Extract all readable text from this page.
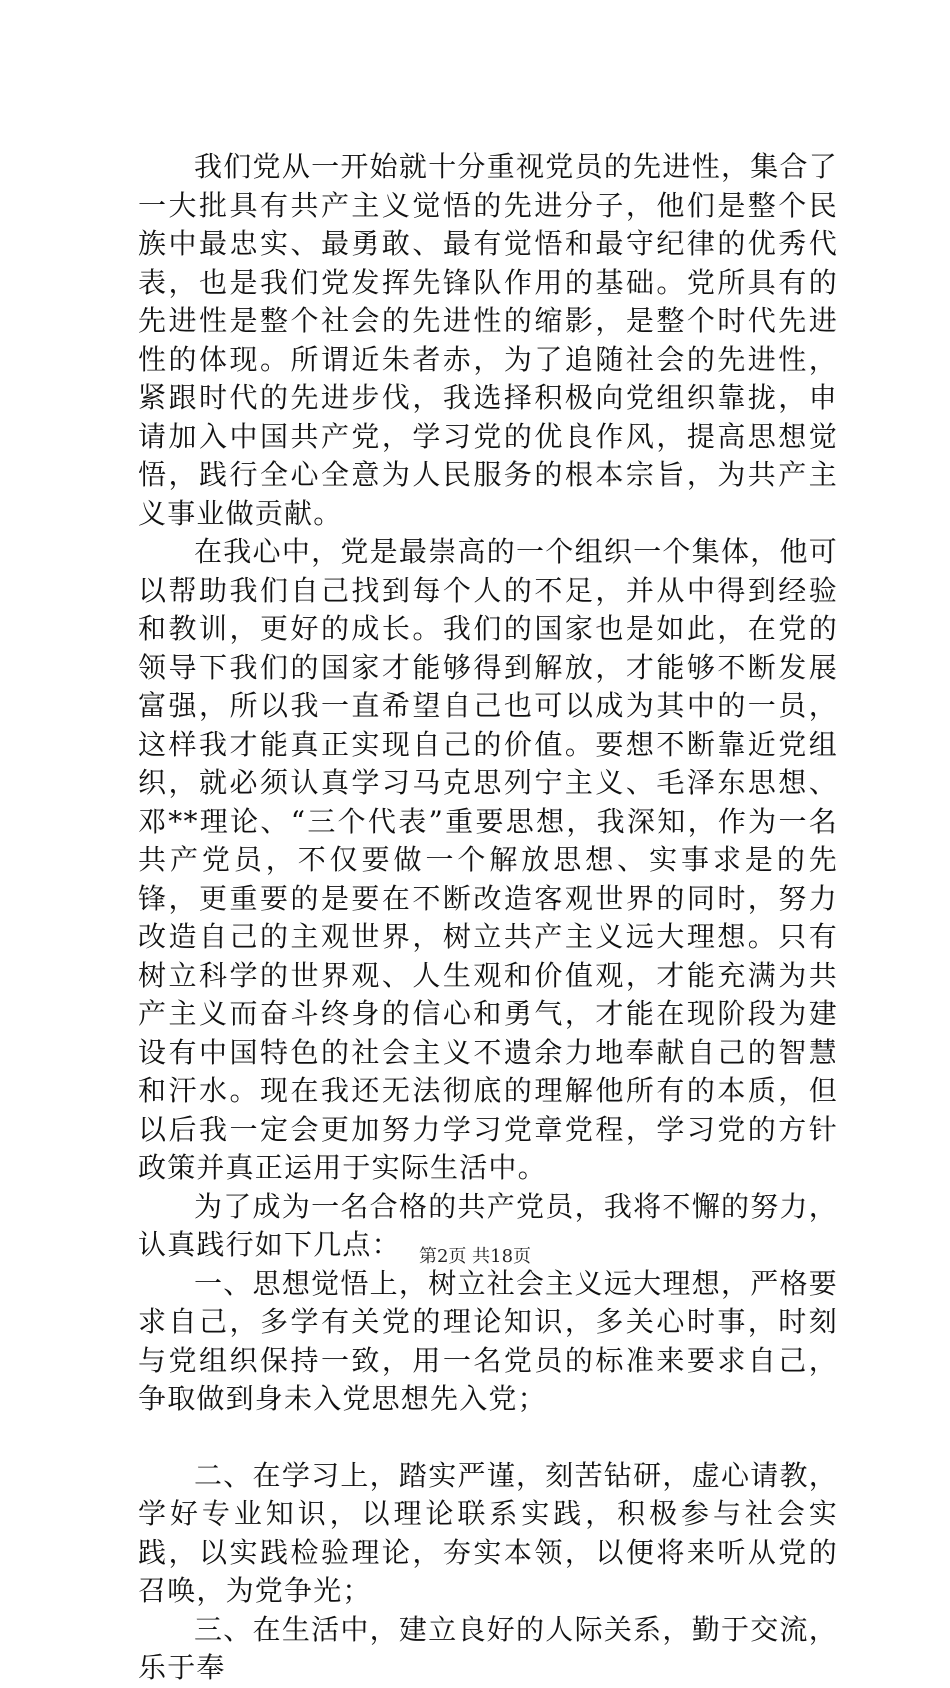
我们党从一开始就十分重视党员的先进性，集合了一大批具有共产主义觉悟的先进分子，他们是整个民族中最忠实、最勇敢、最有觉悟和最守纪律的优秀代表，也是我们党发挥先锋队作用的基础。党所具有的先进性是整个社会的先进性的缩影，是整个时代先进性的体现。所谓近朱者赤，为了追随社会的先进性，紧跟时代的先进步伐，我选择积极向党组织靠拢，申请加入中国共产党，学习党的优良作风，提高思想觉悟，践行全心全意为人民服务的根本宗旨，为共产主义事业做贡献。

在我心中，党是最崇高的一个组织一个集体，他可以帮助我们自己找到每个人的不足，并从中得到经验和教训，更好的成长。我们的国家也是如此，在党的领导下我们的国家才能够得到解放，才能够不断发展富强，所以我一直希望自己也可以成为其中的一员，这样我才能真正实现自己的价值。要想不断靠近党组织，就必须认真学习马克思列宁主义、毛泽东思想、邓**理论、“三个代表”重要思想，我深知，作为一名共产党员，不仅要做一个解放思想、实事求是的先锋，更重要的是要在不断改造客观世界的同时，努力改造自己的主观世界，树立共产主义远大理想。只有树立科学的世界观、人生观和价值观，才能充满为共产主义而奋斗终身的信心和勇气，才能在现阶段为建设有中国特色的社会主义不遗余力地奉献自己的智慧和汗水。现在我还无法彻底的理解他所有的本质，但以后我一定会更加努力学习党章党程，学习党的方针政策并真正运用于实际生活中。

为了成为一名合格的共产党员，我将不懈的努力，认真践行如下几点：

一、思想觉悟上，树立社会主义远大理想，严格要求自己，多学有关党的理论知识，多关心时事，时刻与党组织保持一致，用一名党员的标准来要求自己，争取做到身未入党思想先入党；

二、在学习上，踏实严谨，刻苦钻研，虚心请教，学好专业知识，以理论联系实践，积极参与社会实践，以实践检验理论，夯实本领，以便将来听从党的召唤，为党争光；

三、在生活中，建立良好的人际关系，勤于交流，乐于奉

第2页 共18页
